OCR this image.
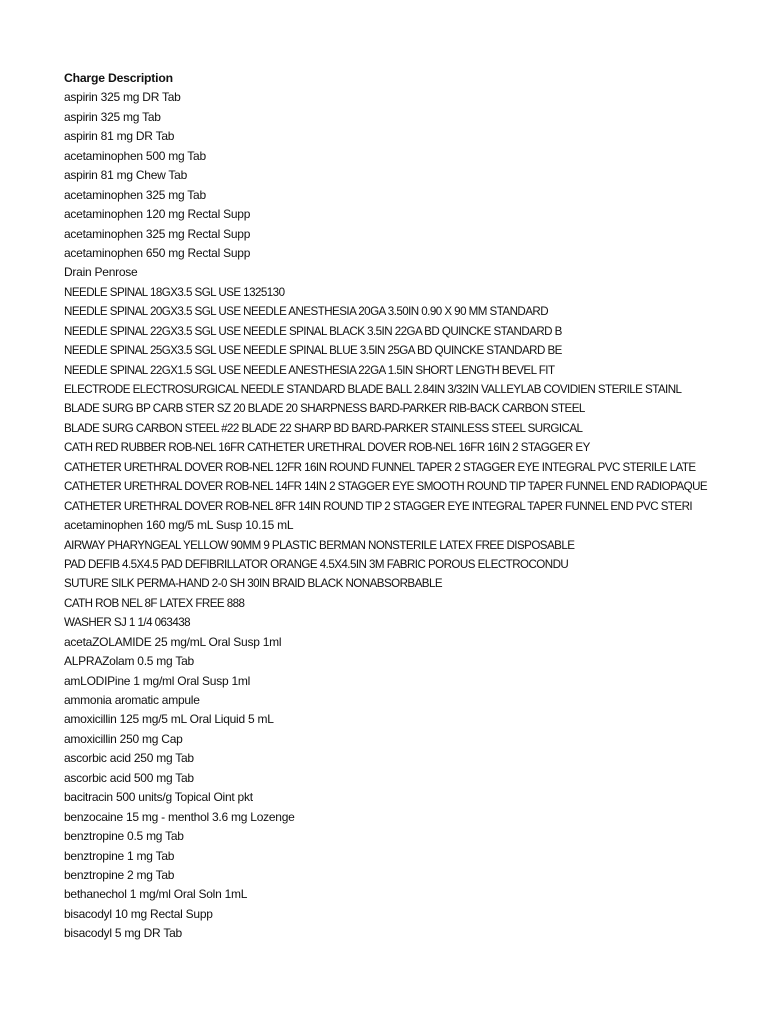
Charge Description
aspirin 325 mg DR Tab
aspirin 325 mg Tab
aspirin 81 mg DR Tab
acetaminophen 500 mg Tab
aspirin 81 mg Chew Tab
acetaminophen 325 mg Tab
acetaminophen 120 mg Rectal Supp
acetaminophen 325 mg Rectal Supp
acetaminophen 650 mg Rectal Supp
Drain Penrose
NEEDLE SPINAL 18GX3.5 SGL USE 1325130
NEEDLE SPINAL 20GX3.5 SGL USE NEEDLE ANESTHESIA 20GA 3.50IN 0.90 X 90 MM STANDARD
NEEDLE SPINAL 22GX3.5 SGL USE NEEDLE SPINAL BLACK 3.5IN 22GA BD QUINCKE STANDARD B
NEEDLE SPINAL 25GX3.5 SGL USE NEEDLE SPINAL BLUE 3.5IN 25GA BD QUINCKE STANDARD BE
NEEDLE SPINAL 22GX1.5 SGL USE NEEDLE ANESTHESIA 22GA 1.5IN SHORT LENGTH BEVEL FIT
ELECTRODE ELECTROSURGICAL NEEDLE STANDARD BLADE BALL 2.84IN 3/32IN VALLEYLAB COVIDIEN STERILE STAINL
BLADE SURG BP CARB STER SZ 20 BLADE 20 SHARPNESS BARD-PARKER RIB-BACK CARBON STEEL
BLADE SURG CARBON STEEL #22 BLADE 22 SHARP BD BARD-PARKER STAINLESS STEEL SURGICAL
CATH RED RUBBER ROB-NEL 16FR CATHETER URETHRAL DOVER ROB-NEL 16FR 16IN 2 STAGGER EY
CATHETER URETHRAL DOVER ROB-NEL 12FR 16IN ROUND FUNNEL TAPER 2 STAGGER EYE INTEGRAL PVC STERILE LATE
CATHETER URETHRAL DOVER ROB-NEL 14FR 14IN 2 STAGGER EYE SMOOTH ROUND TIP TAPER FUNNEL END RADIOPAQUE
CATHETER URETHRAL DOVER ROB-NEL 8FR 14IN ROUND TIP 2 STAGGER EYE INTEGRAL TAPER FUNNEL END PVC STERI
acetaminophen 160 mg/5 mL Susp 10.15 mL
AIRWAY PHARYNGEAL YELLOW 90MM 9 PLASTIC BERMAN NONSTERILE LATEX FREE DISPOSABLE
PAD DEFIB 4.5X4.5 PAD DEFIBRILLATOR ORANGE 4.5X4.5IN 3M FABRIC POROUS ELECTROCONDU
SUTURE SILK PERMA-HAND 2-0 SH 30IN BRAID BLACK NONABSORBABLE
CATH ROB NEL 8F LATEX FREE 888
WASHER SJ 1 1/4 063438
acetaZOLAMIDE 25 mg/mL Oral Susp 1ml
ALPRAZolam 0.5 mg Tab
amLODIPine 1 mg/ml Oral Susp 1ml
ammonia aromatic ampule
amoxicillin 125 mg/5 mL Oral Liquid 5 mL
amoxicillin 250 mg Cap
ascorbic acid 250 mg Tab
ascorbic acid 500 mg Tab
bacitracin 500 units/g Topical Oint pkt
benzocaine 15 mg - menthol 3.6 mg Lozenge
benztropine 0.5 mg Tab
benztropine 1 mg Tab
benztropine 2 mg Tab
bethanechol 1 mg/ml Oral Soln 1mL
bisacodyl 10 mg Rectal Supp
bisacodyl 5 mg DR Tab
